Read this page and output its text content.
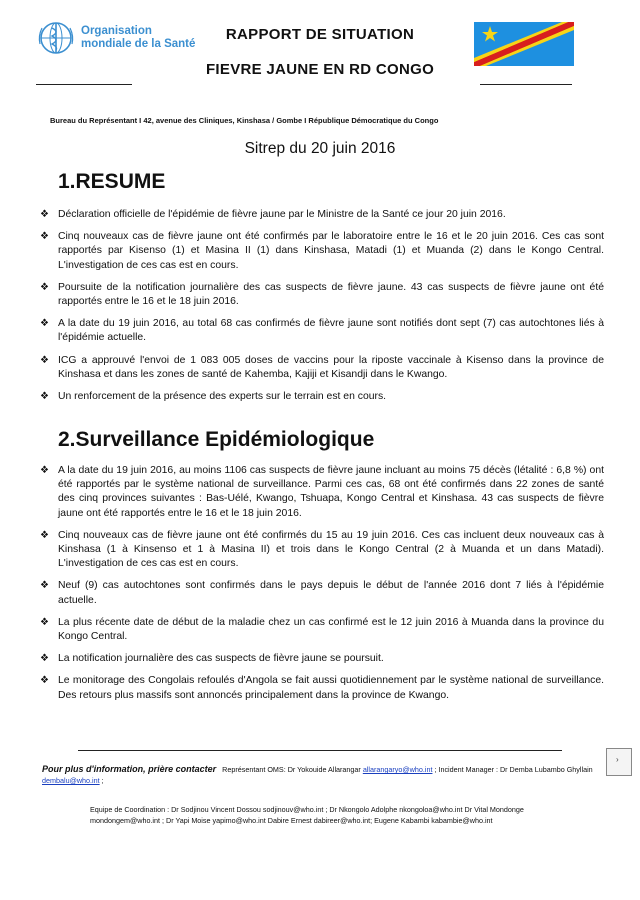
Organisation
mondiale de la Santé
RAPPORT DE SITUATION
FIEVRE JAUNE EN RD CONGO
Bureau du Représentant I 42, avenue des Cliniques, Kinshasa / Gombe I République Démocratique du Congo
Sitrep du 20 juin 2016
1.RESUME
❖ Déclaration officielle de l'épidémie de fièvre jaune par le Ministre de la Santé ce jour 20 juin 2016.
❖ Cinq nouveaux cas de fièvre jaune ont été confirmés par le laboratoire entre le 16 et le 20 juin 2016. Ces cas sont rapportés par Kisenso (1) et Masina II (1) dans Kinshasa, Matadi (1) et Muanda (2) dans le Kongo Central. L'investigation de ces cas est en cours.
❖ Poursuite de la notification journalière des cas suspects de fièvre jaune. 43 cas suspects de fièvre jaune ont été rapportés entre le 16 et le 18 juin 2016.
❖ A la date du 19 juin 2016, au total 68 cas confirmés de fièvre jaune sont notifiés dont sept (7) cas autochtones liés à l'épidémie actuelle.
❖ ICG a approuvé l'envoi de 1 083 005 doses de vaccins pour la riposte vaccinale à Kisenso dans la province de Kinshasa et dans les zones de santé de Kahemba, Kajiji et Kisandji dans le Kwango.
❖ Un renforcement de la présence des experts sur le terrain est en cours.
2.Surveillance Epidémiologique
❖ A la date du 19 juin 2016, au moins 1106 cas suspects de fièvre jaune incluant au moins 75 décès (létalité : 6,8 %) ont été rapportés par le système national de surveillance. Parmi ces cas, 68 ont été confirmés dans 22 zones de santé des cinq provinces suivantes : Bas-Uélé, Kwango, Tshuapa, Kongo Central et Kinshasa. 43 cas suspects de fièvre jaune ont été rapportés entre le 16 et le 18 juin 2016.
❖ Cinq nouveaux cas de fièvre jaune ont été confirmés du 15 au 19 juin 2016. Ces cas incluent deux nouveaux cas à Kinshasa (1 à Kinsenso et 1 à Masina II) et trois dans le Kongo Central (2 à Muanda et un dans Matadi). L'investigation de ces cas est en cours.
❖ Neuf (9) cas autochtones sont confirmés dans le pays depuis le début de l'année 2016 dont 7 liés à l'épidémie actuelle.
❖ La plus récente date de début de la maladie chez un cas confirmé est le 12 juin 2016 à Muanda dans la province du Kongo Central.
❖ La notification journalière des cas suspects de fièvre jaune se poursuit.
❖ Le monitorage des Congolais refoulés d'Angola se fait aussi quotidiennement par le système national de surveillance. Des retours plus massifs sont annoncés principalement dans la province de Kwango.
›
Pour plus d'information, prière contacter Représentant OMS: Dr Yokouide Allarangar allarangaryo@who.int ; Incident Manager : Dr Demba Lubambo Ghyllain dembalu@who.int ;
Equipe de Coordination : Dr Sodjinou Vincent Dossou sodjinouv@who.int ; Dr Nkongolo Adolphe nkongoloa@who.int Dr Vital Mondonge mondongem@who.int ; Dr Yapi Moise yapimo@who.int Dabire Ernest dabireer@who.int; Eugene Kabambi kabambie@who.int
